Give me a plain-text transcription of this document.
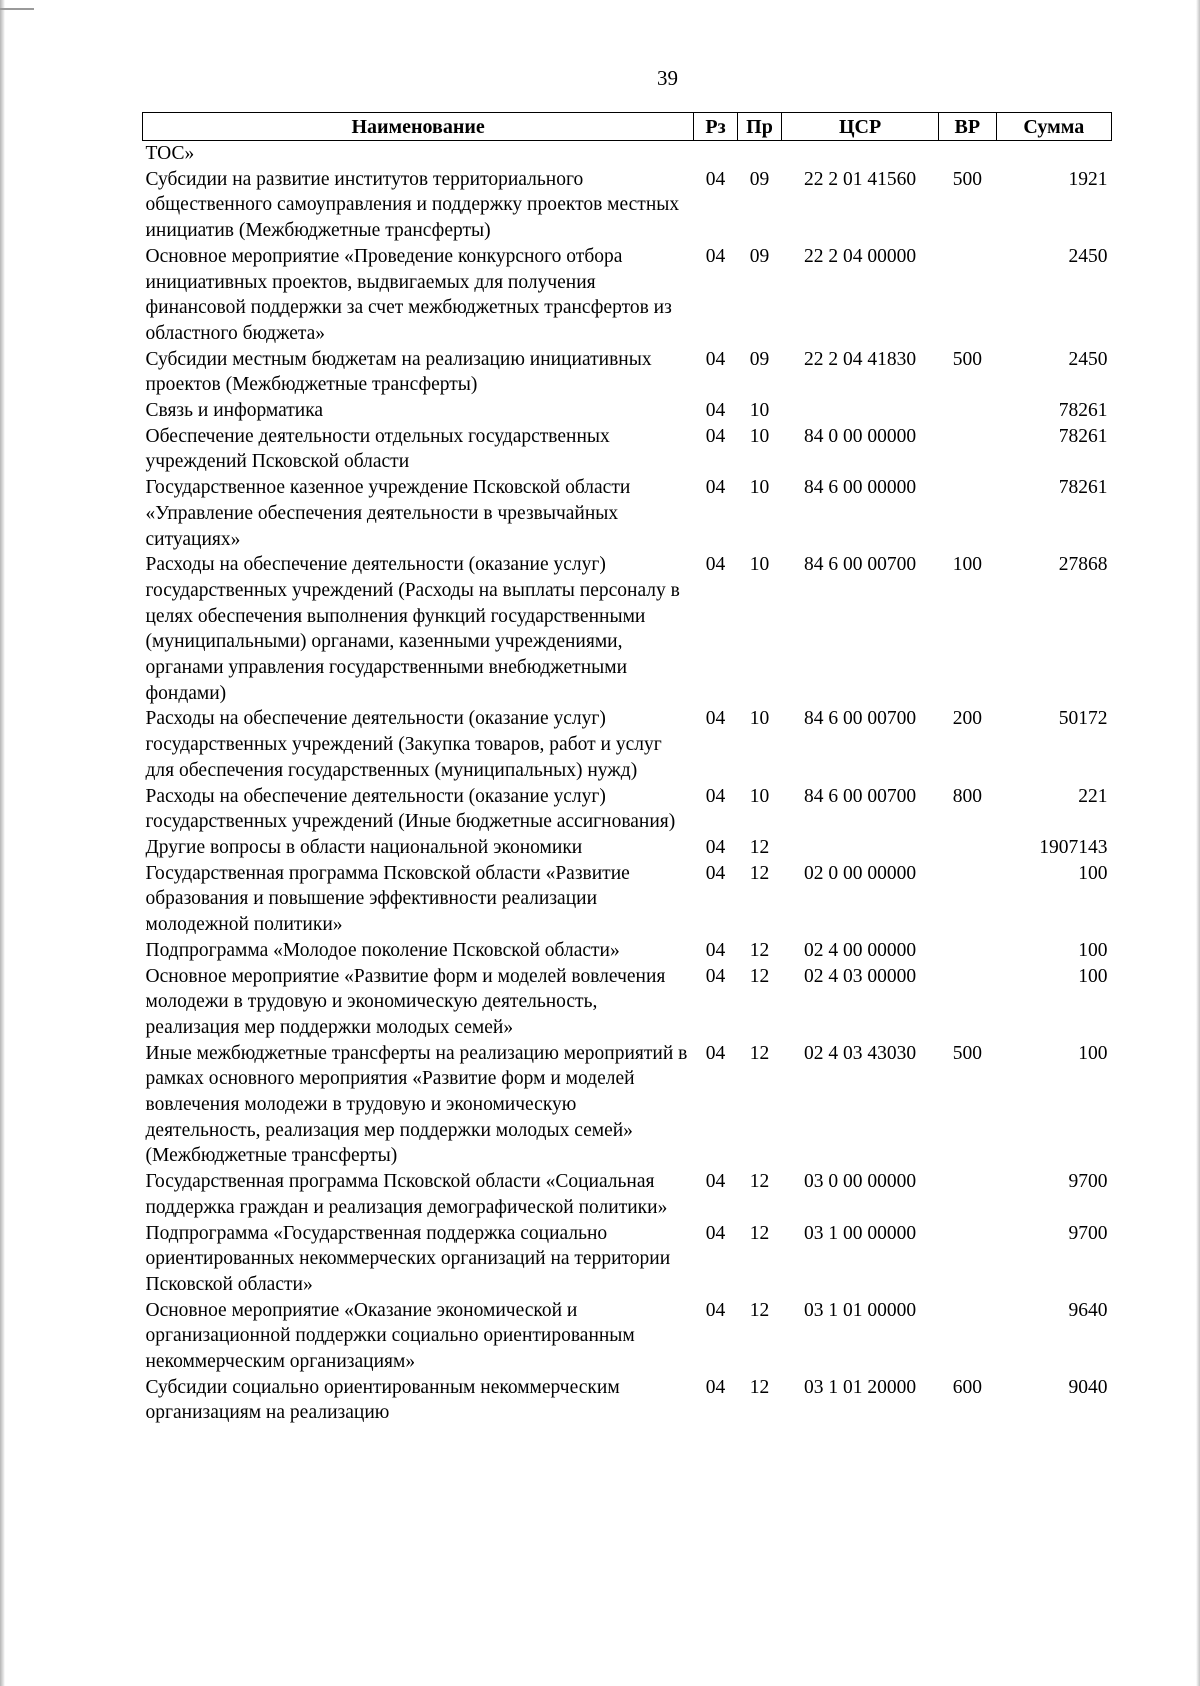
39
Наименование	Рз	Пр	ЦСР	ВР	Сумма
ТОС»					
Субсидии на развитие институтов территориального общественного самоуправления и поддержку проектов местных инициатив (Межбюджетные трансферты)	04	09	22 2 01 41560	500	1921
Основное мероприятие «Проведение конкурсного отбора инициативных проектов, выдвигаемых для получения финансовой поддержки за счет межбюджетных трансфертов из областного бюджета»	04	09	22 2 04 00000		2450
Субсидии местным бюджетам на реализацию инициативных проектов (Межбюджетные трансферты)	04	09	22 2 04 41830	500	2450
Связь и информатика	04	10			78261
Обеспечение деятельности отдельных государственных учреждений Псковской области	04	10	84 0 00 00000		78261
Государственное казенное учреждение Псковской области «Управление обеспечения деятельности в чрезвычайных ситуациях»	04	10	84 6 00 00000		78261
Расходы на обеспечение деятельности (оказание услуг) государственных учреждений (Расходы на выплаты персоналу в целях обеспечения выполнения функций государственными (муниципальными) органами, казенными учреждениями, органами управления государственными внебюджетными фондами)	04	10	84 6 00 00700	100	27868
Расходы на обеспечение деятельности (оказание услуг) государственных учреждений (Закупка товаров, работ и услуг для обеспечения государственных (муниципальных) нужд)	04	10	84 6 00 00700	200	50172
Расходы на обеспечение деятельности (оказание услуг) государственных учреждений (Иные бюджетные ассигнования)	04	10	84 6 00 00700	800	221
Другие вопросы в области национальной экономики	04	12			1907143
Государственная программа Псковской области «Развитие образования и повышение эффективности реализации молодежной политики»	04	12	02 0 00 00000		100
Подпрограмма «Молодое поколение Псковской области»	04	12	02 4 00 00000		100
Основное мероприятие «Развитие форм и моделей вовлечения молодежи в трудовую и экономическую деятельность, реализация мер поддержки молодых семей»	04	12	02 4 03 00000		100
Иные межбюджетные трансферты на реализацию мероприятий в рамках основного мероприятия «Развитие форм и моделей вовлечения молодежи в трудовую и экономическую деятельность, реализация мер поддержки молодых семей» (Межбюджетные трансферты)	04	12	02 4 03 43030	500	100
Государственная программа Псковской области «Социальная поддержка граждан и реализация демографической политики»	04	12	03 0 00 00000		9700
Подпрограмма «Государственная поддержка социально ориентированных некоммерческих организаций на территории Псковской области»	04	12	03 1 00 00000		9700
Основное мероприятие «Оказание экономической и организационной поддержки социально ориентированным некоммерческим организациям»	04	12	03 1 01 00000		9640
Субсидии социально ориентированным некоммерческим организациям на реализацию	04	12	03 1 01 20000	600	9040
